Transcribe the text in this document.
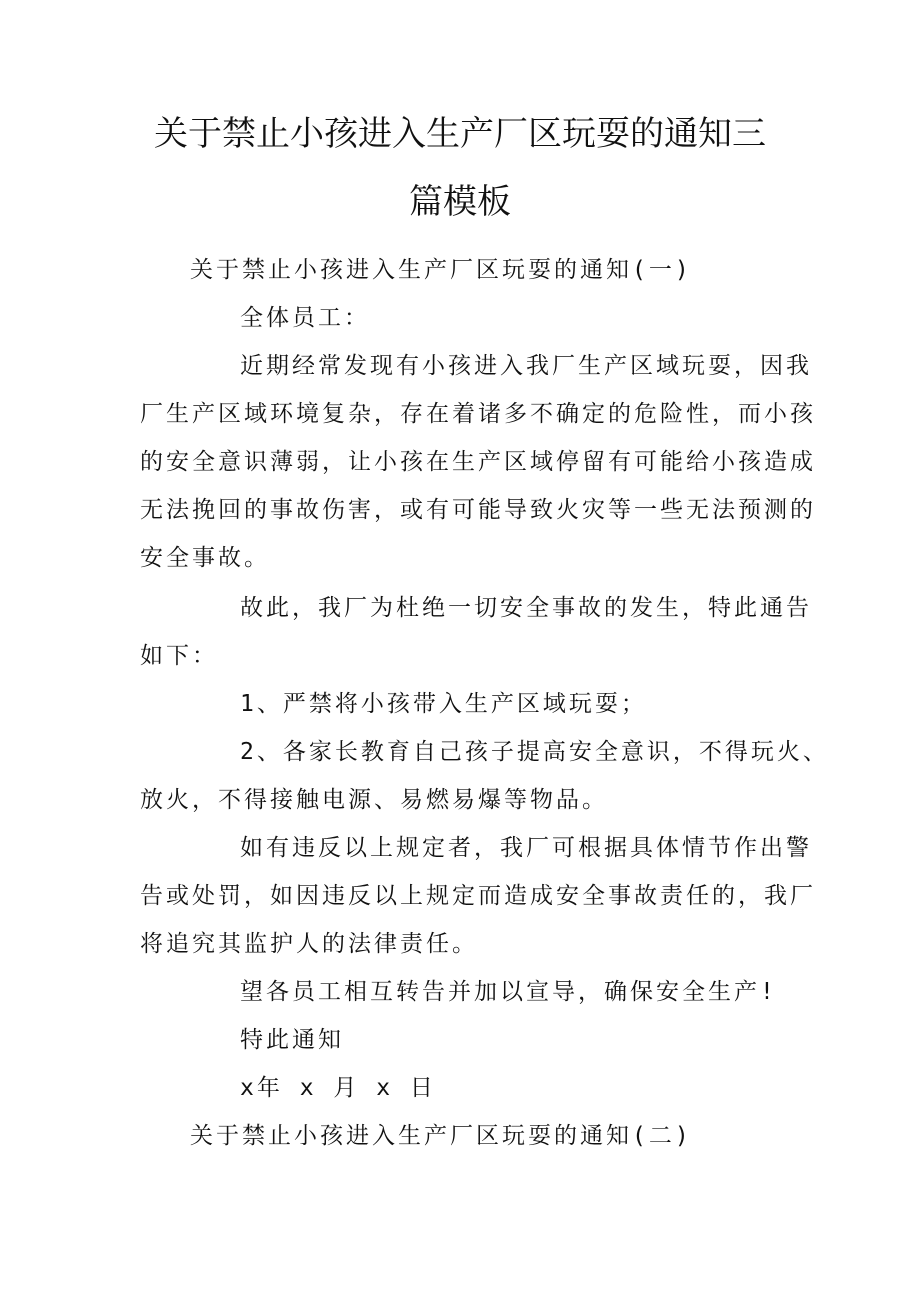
关于禁止小孩进入生产厂区玩耍的通知三
篇模板
关于禁止小孩进入生产厂区玩耍的通知(一)
全体员工：
近期经常发现有小孩进入我厂生产区域玩耍，因我
厂生产区域环境复杂，存在着诸多不确定的危险性，而小孩
的安全意识薄弱，让小孩在生产区域停留有可能给小孩造成
无法挽回的事故伤害，或有可能导致火灾等一些无法预测的
安全事故。
故此，我厂为杜绝一切安全事故的发生，特此通告
如下：
1、严禁将小孩带入生产区域玩耍；
2、各家长教育自己孩子提高安全意识，不得玩火、
放火，不得接触电源、易燃易爆等物品。
如有违反以上规定者，我厂可根据具体情节作出警
告或处罚，如因违反以上规定而造成安全事故责任的，我厂
将追究其监护人的法律责任。
望各员工相互转告并加以宣导，确保安全生产!
特此通知
x年 x 月 x 日
关于禁止小孩进入生产厂区玩耍的通知(二)
